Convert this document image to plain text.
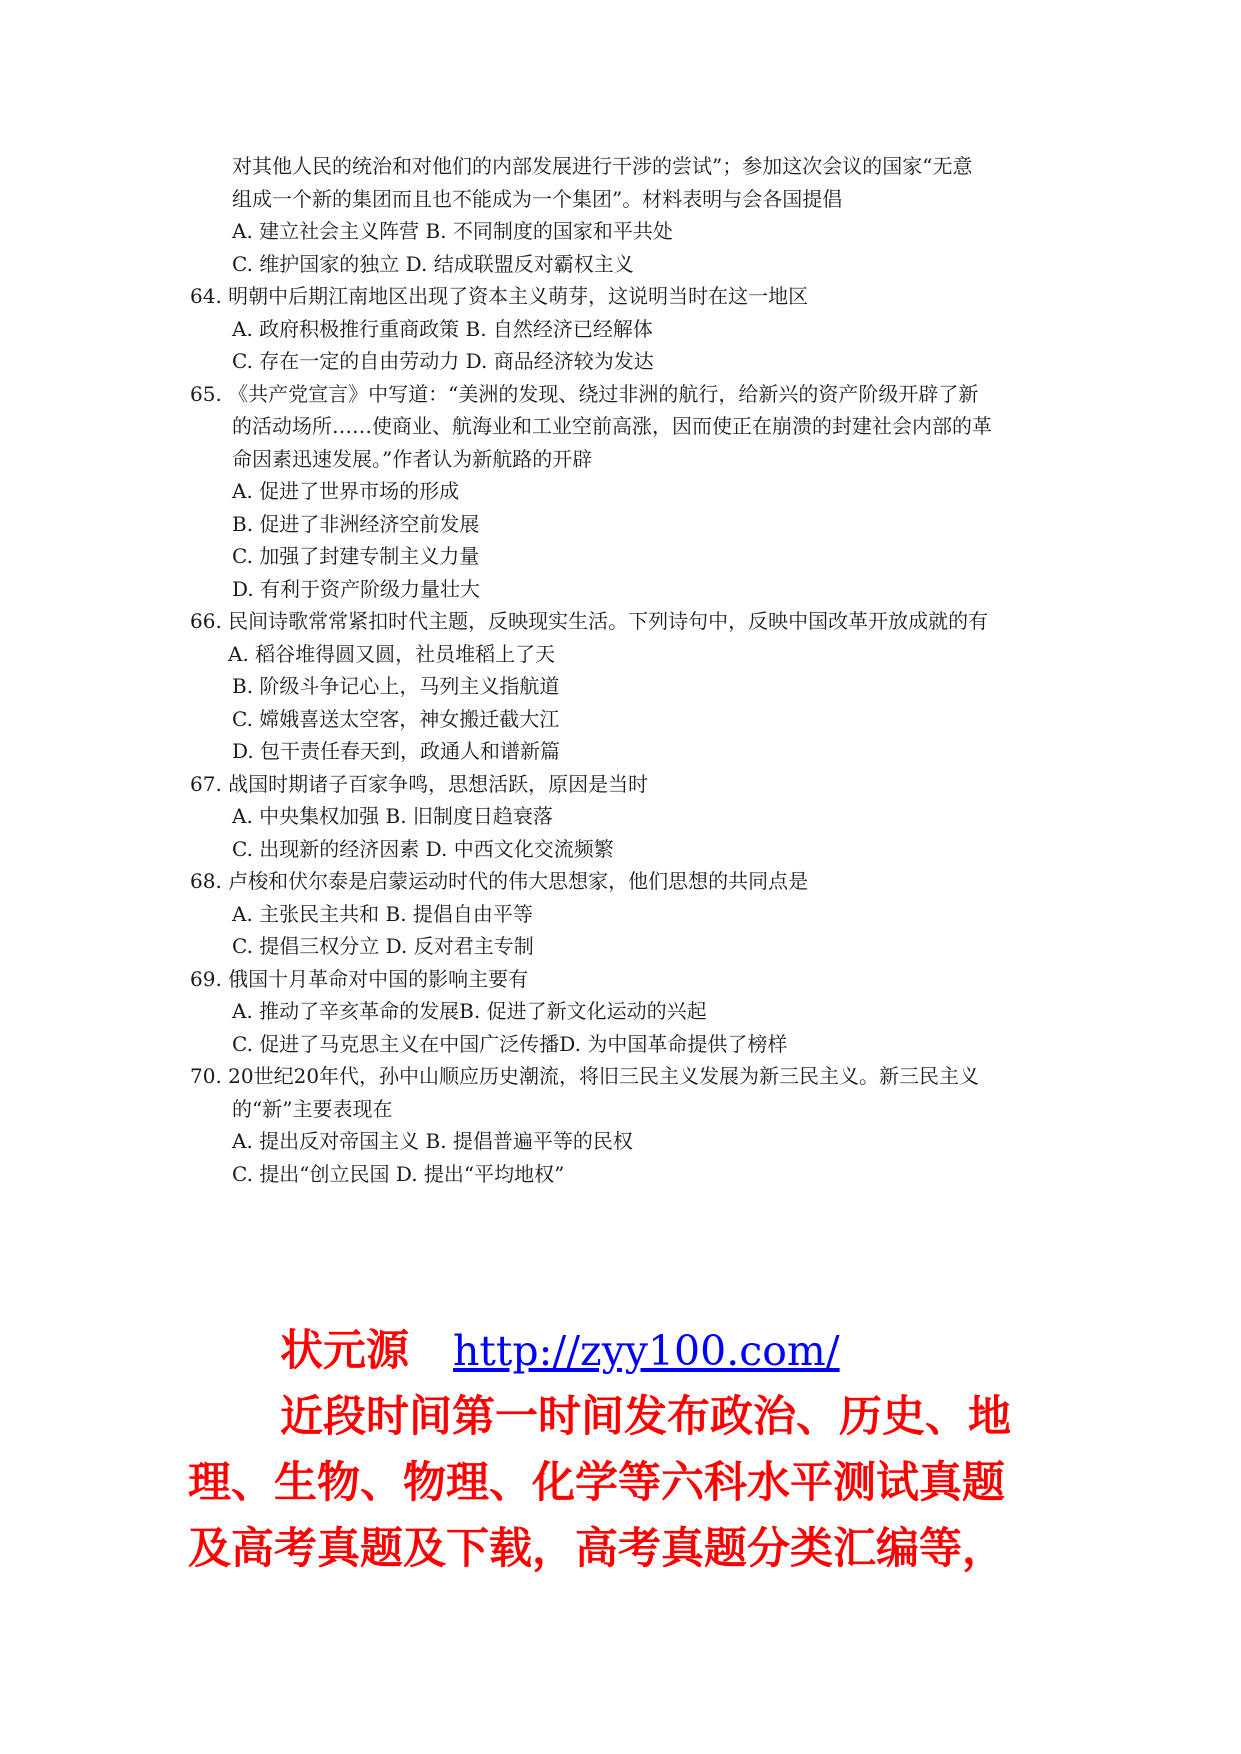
对其他人民的统治和对他们的内部发展进行干涉的尝试”；参加这次会议的国家“无意
组成一个新的集团而且也不能成为一个集团”。材料表明与会各国提倡
A. 建立社会主义阵营 B. 不同制度的国家和平共处
C. 维护国家的独立 D. 结成联盟反对霸权主义
64. 明朝中后期江南地区出现了资本主义萌芽，这说明当时在这一地区
A. 政府积极推行重商政策 B. 自然经济已经解体
C. 存在一定的自由劳动力 D. 商品经济较为发达
65. 《共产党宣言》中写道：“美洲的发现、绕过非洲的航行，给新兴的资产阶级开辟了新
的活动场所……使商业、航海业和工业空前高涨，因而使正在崩溃的封建社会内部的革
命因素迅速发展。”作者认为新航路的开辟
A. 促进了世界市场的形成
B. 促进了非洲经济空前发展
C. 加强了封建专制主义力量
D. 有利于资产阶级力量壮大
66. 民间诗歌常常紧扣时代主题，反映现实生活。下列诗句中，反映中国改革开放成就的有
A. 稻谷堆得圆又圆，社员堆稻上了天
B. 阶级斗争记心上，马列主义指航道
C. 嫦娥喜送太空客，神女搬迁截大江
D. 包干责任春天到，政通人和谱新篇
67. 战国时期诸子百家争鸣，思想活跃，原因是当时
A. 中央集权加强 B. 旧制度日趋衰落
C. 出现新的经济因素 D. 中西文化交流频繁
68. 卢梭和伏尔泰是启蒙运动时代的伟大思想家，他们思想的共同点是
A. 主张民主共和 B. 提倡自由平等
C. 提倡三权分立 D. 反对君主专制
69. 俄国十月革命对中国的影响主要有
A. 推动了辛亥革命的发展B. 促进了新文化运动的兴起
C. 促进了马克思主义在中国广泛传播D. 为中国革命提供了榜样
70. 20世纪20年代，孙中山顺应历史潮流，将旧三民主义发展为新三民主义。新三民主义
的“新”主要表现在
A. 提出反对帝国主义 B. 提倡普遍平等的民权
C. 提出“创立民国 D. 提出“平均地权”
状元源 http://zyy100.com/
近段时间第一时间发布政治、历史、地
理、生物、物理、化学等六科水平测试真题
及高考真题及下载，高考真题分类汇编等，
